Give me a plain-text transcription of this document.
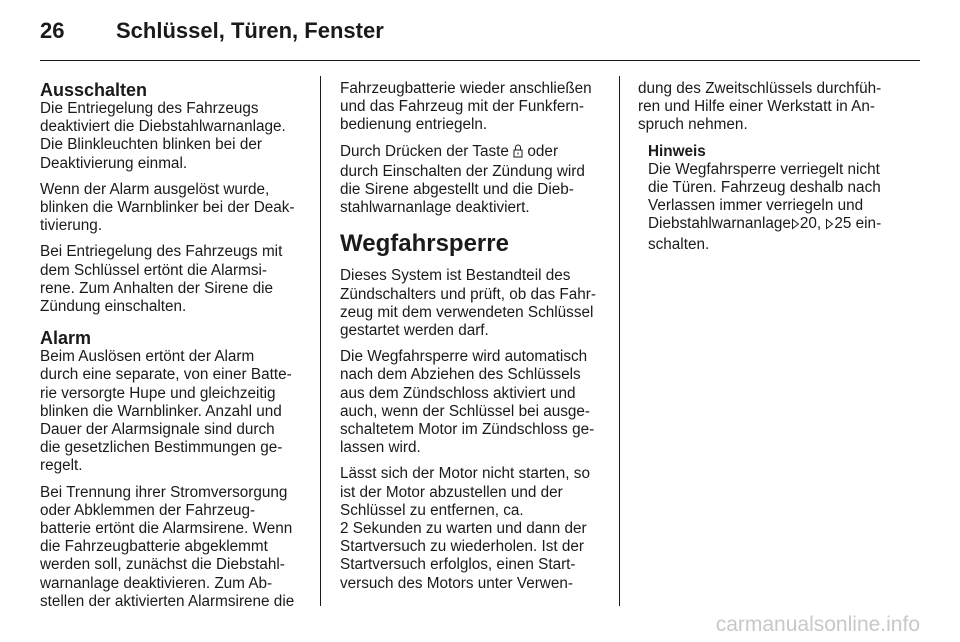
26	Schlüssel, Türen, Fenster
Ausschalten

Die Entriegelung des Fahrzeugs
deaktiviert die Diebstahlwarnanlage.
Die Blinkleuchten blinken bei der
Deaktivierung einmal.

Wenn der Alarm ausgelöst wurde,
blinken die Warnblinker bei der Deak-
tivierung.

Bei Entriegelung des Fahrzeugs mit
dem Schlüssel ertönt die Alarmsi-
rene. Zum Anhalten der Sirene die
Zündung einschalten.

Alarm

Beim Auslösen ertönt der Alarm
durch eine separate, von einer Batte-
rie versorgte Hupe und gleichzeitig
blinken die Warnblinker. Anzahl und
Dauer der Alarmsignale sind durch
die gesetzlichen Bestimmungen ge-
regelt.

Bei Trennung ihrer Stromversorgung
oder Abklemmen der Fahrzeug-
batterie ertönt die Alarmsirene. Wenn
die Fahrzeugbatterie abgeklemmt
werden soll, zunächst die Diebstahl-
warnanlage deaktivieren. Zum Ab-
stellen der aktivierten Alarmsirene die

Fahrzeugbatterie wieder anschließen
und das Fahrzeug mit der Funkfern-
bedienung entriegeln.

Durch Drücken der Taste  oder
durch Einschalten der Zündung wird
die Sirene abgestellt und die Dieb-
stahlwarnanlage deaktiviert.

Wegfahrsperre

Dieses System ist Bestandteil des
Zündschalters und prüft, ob das Fahr-
zeug mit dem verwendeten Schlüssel
gestartet werden darf.

Die Wegfahrsperre wird automatisch
nach dem Abziehen des Schlüssels
aus dem Zündschloss aktiviert und
auch, wenn der Schlüssel bei ausge-
schaltetem Motor im Zündschloss ge-
lassen wird.

Lässt sich der Motor nicht starten, so
ist der Motor abzustellen und der
Schlüssel zu entfernen, ca.
2 Sekunden zu warten und dann der
Startversuch zu wiederholen. Ist der
Startversuch erfolglos, einen Start-
versuch des Motors unter Verwen-

dung des Zweitschlüssels durchfüh-
ren und Hilfe einer Werkstatt in An-
spruch nehmen.

Hinweis
Die Wegfahrsperre verriegelt nicht
die Türen. Fahrzeug deshalb nach
Verlassen immer verriegeln und
Diebstahlwarnanlage 20, 25 ein-
schalten.
carmanualsonline.info
